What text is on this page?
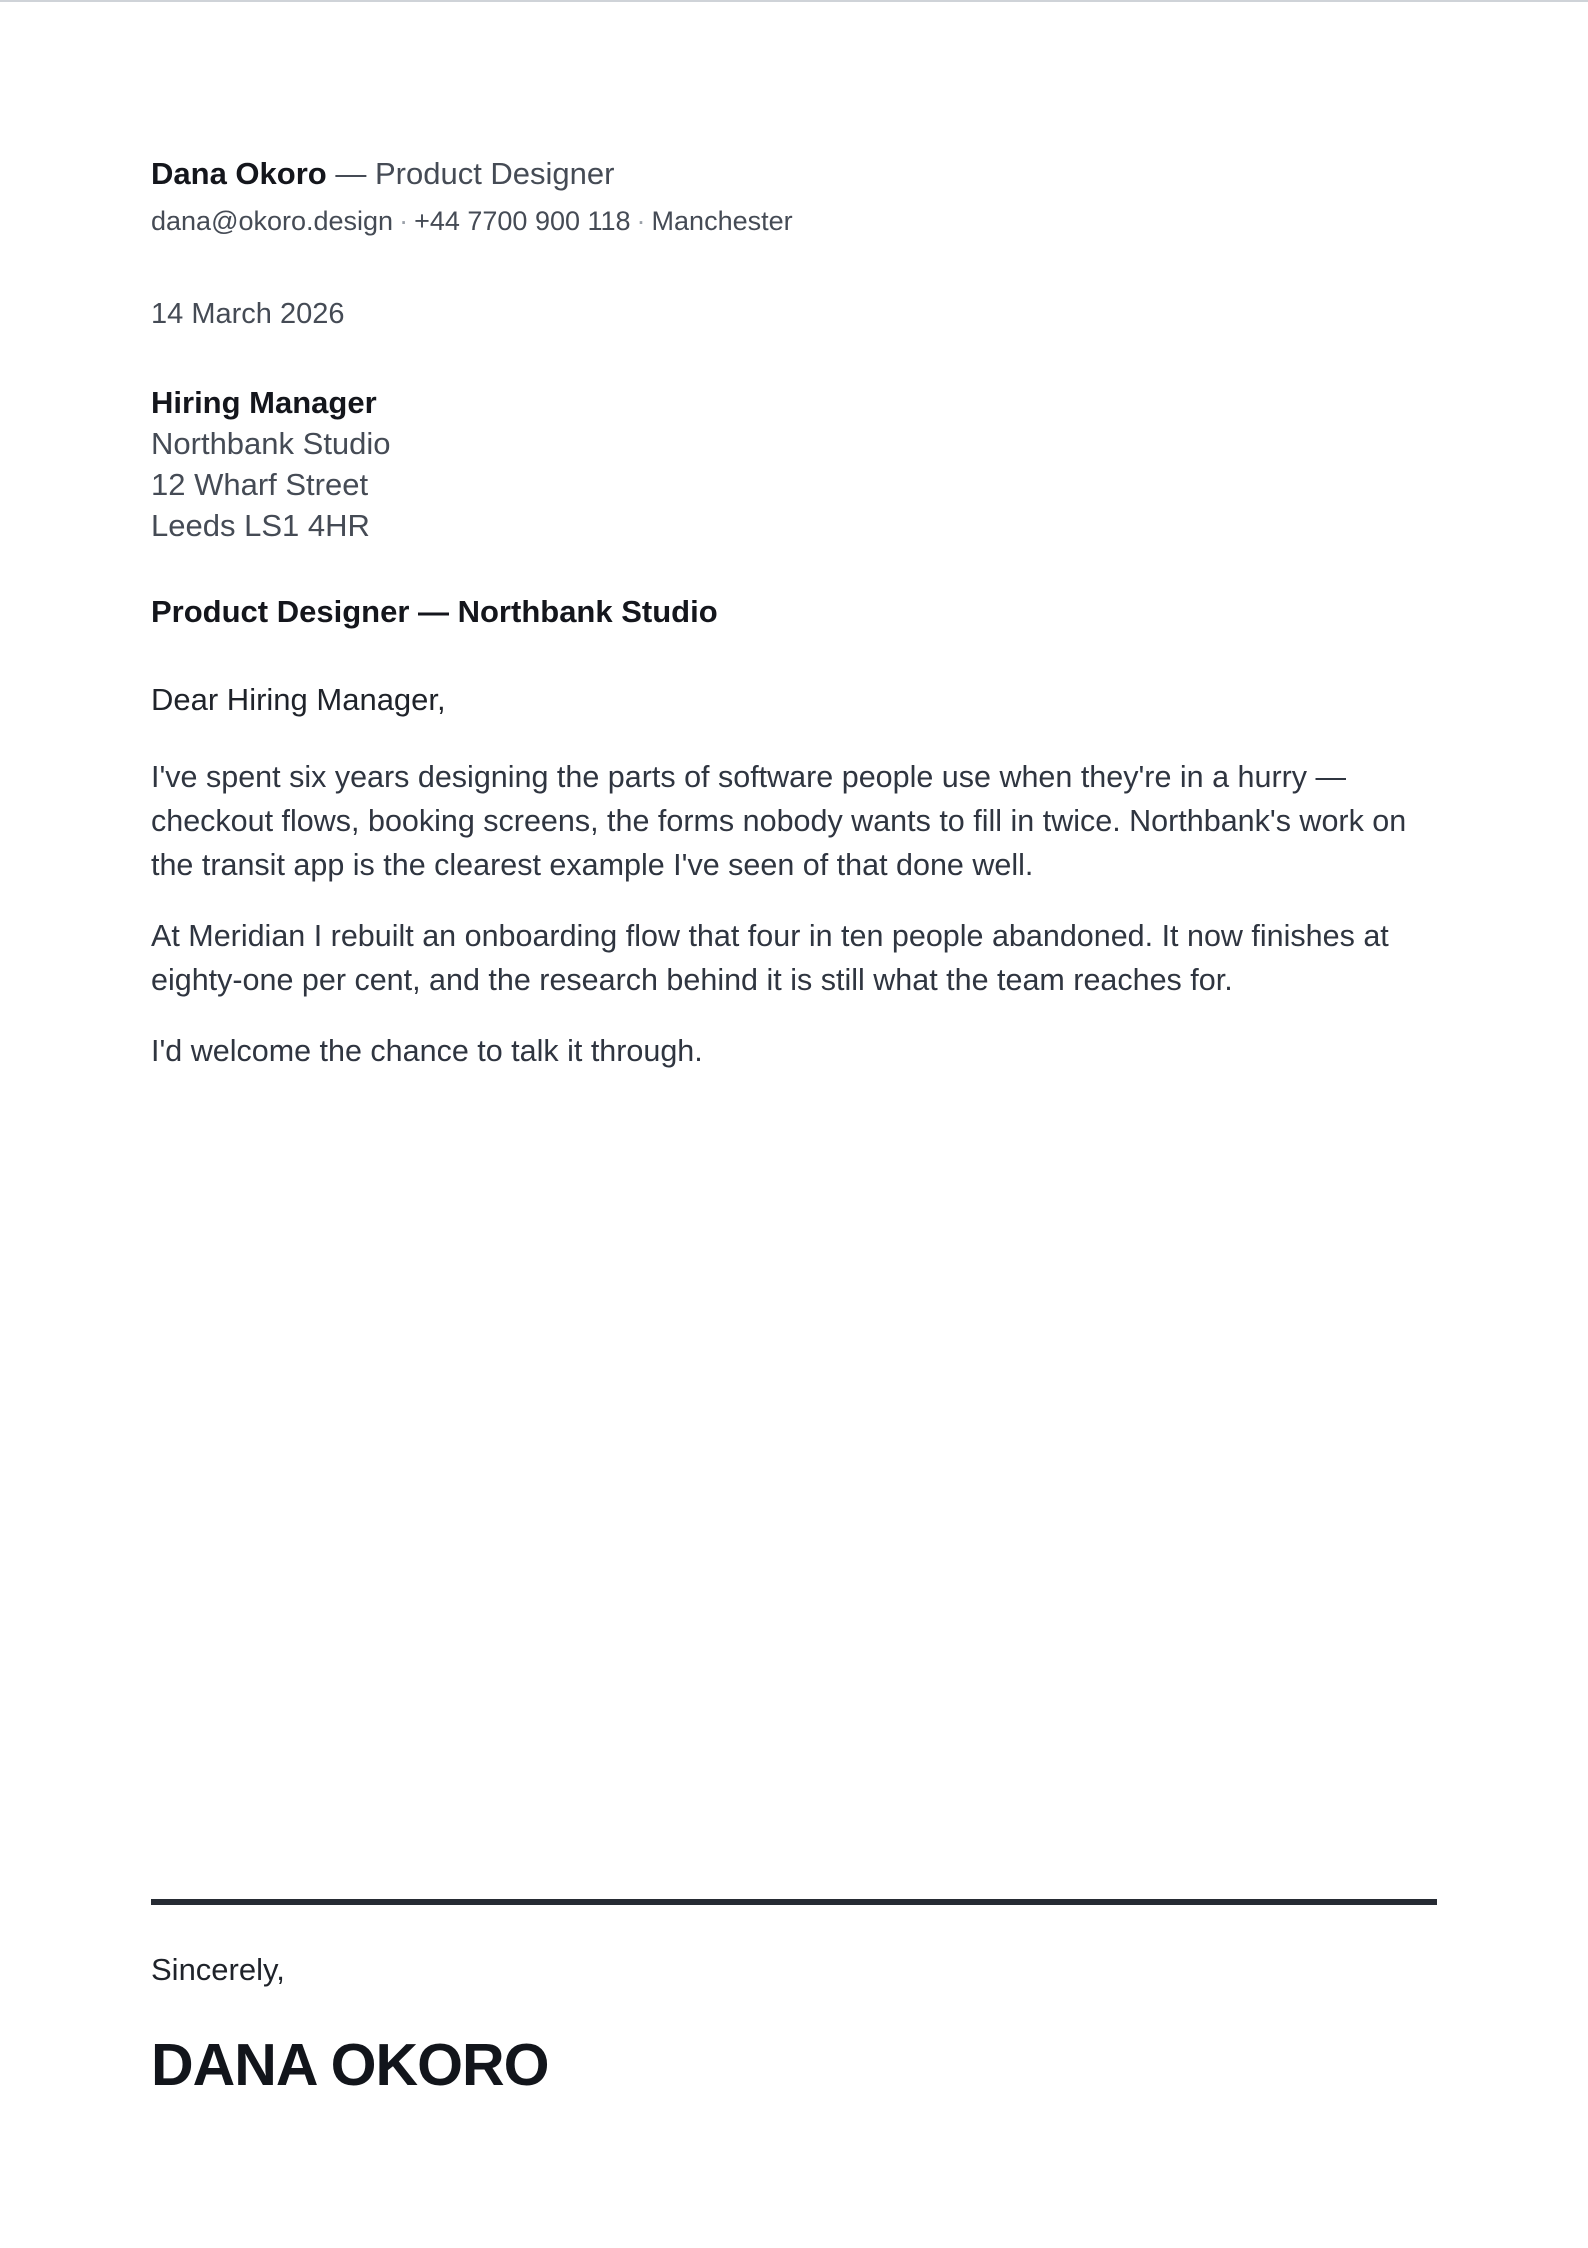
Dana Okoro — Product Designer
dana@okoro.design · +44 7700 900 118 · Manchester
14 March 2026
Hiring Manager
Northbank Studio
12 Wharf Street
Leeds LS1 4HR
Product Designer — Northbank Studio
Dear Hiring Manager,

I've spent six years designing the parts of software people use when they're in a hurry — checkout flows, booking screens, the forms nobody wants to fill in twice. Northbank's work on the transit app is the clearest example I've seen of that done well.

At Meridian I rebuilt an onboarding flow that four in ten people abandoned. It now finishes at eighty-one per cent, and the research behind it is still what the team reaches for.

I'd welcome the chance to talk it through.

Sincerely,
DANA OKORO
